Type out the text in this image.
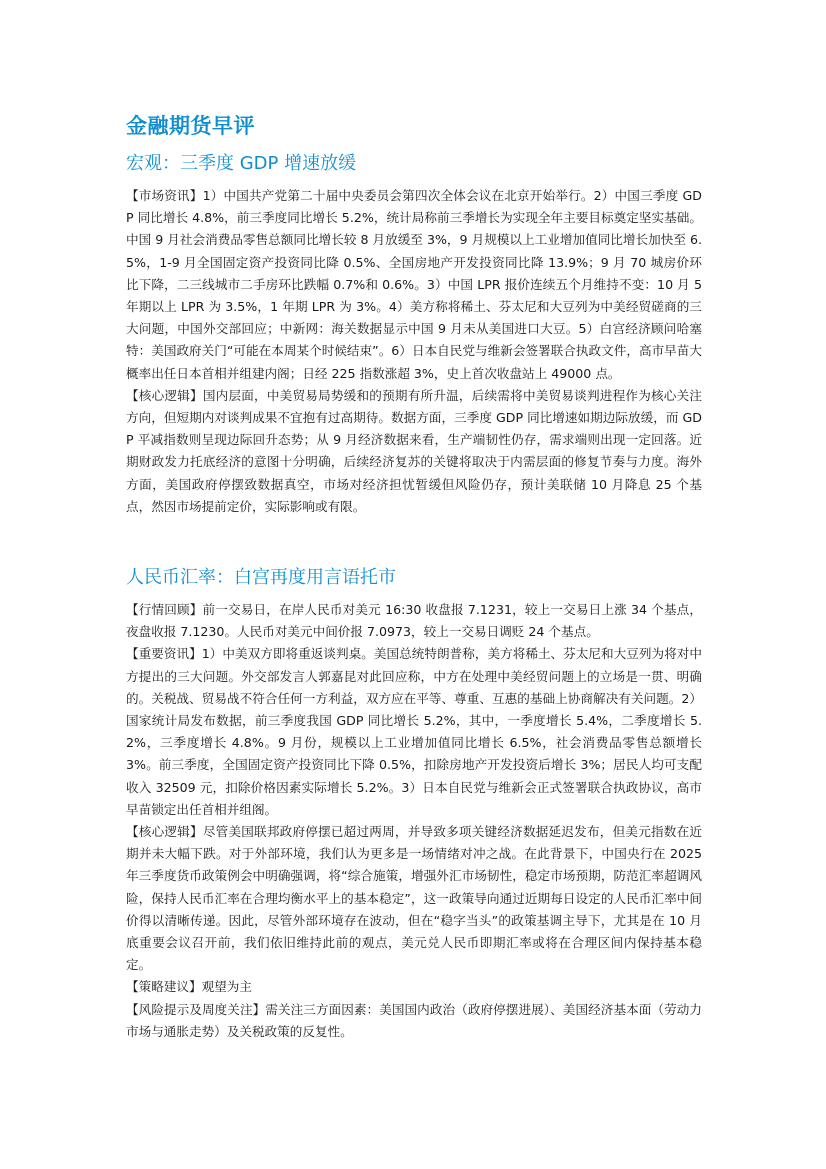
金融期货早评
宏观：三季度 GDP 增速放缓

【市场资讯】1）中国共产党第二十届中央委员会第四次全体会议在北京开始举行。2）中国三季度 GDP 同比增长 4.8%，前三季度同比增长 5.2%，统计局称前三季增长为实现全年主要目标奠定坚实基础。中国 9 月社会消费品零售总额同比增长较 8 月放缓至 3%，9 月规模以上工业增加值同比增长加快至 6.5%，1-9 月全国固定资产投资同比降 0.5%、全国房地产开发投资同比降 13.9%；9 月 70 城房价环比下降，二三线城市二手房环比跌幅 0.7%和 0.6%。3）中国 LPR 报价连续五个月维持不变：10 月 5 年期以上 LPR 为 3.5%，1 年期 LPR 为 3%。4）美方称将稀土、芬太尼和大豆列为中美经贸磋商的三大问题，中国外交部回应；中新网：海关数据显示中国 9 月未从美国进口大豆。5）白宫经济顾问哈塞特：美国政府关门“可能在本周某个时候结束”。6）日本自民党与维新会签署联合执政文件，高市早苗大概率出任日本首相并组建内阁；日经 225 指数涨超 3%，史上首次收盘站上 49000 点。

【核心逻辑】国内层面，中美贸易局势缓和的预期有所升温，后续需将中美贸易谈判进程作为核心关注方向，但短期内对谈判成果不宜抱有过高期待。数据方面，三季度 GDP 同比增速如期边际放缓，而 GDP 平减指数则呈现边际回升态势；从 9 月经济数据来看，生产端韧性仍存，需求端则出现一定回落。近期财政发力托底经济的意图十分明确，后续经济复苏的关键将取决于内需层面的修复节奏与力度。海外方面，美国政府停摆致数据真空，市场对经济担忧暂缓但风险仍存，预计美联储 10 月降息 25 个基点，然因市场提前定价，实际影响或有限。

人民币汇率：白宫再度用言语托市

【行情回顾】前一交易日，在岸人民币对美元 16:30 收盘报 7.1231，较上一交易日上涨 34 个基点，夜盘收报 7.1230。人民币对美元中间价报 7.0973，较上一交易日调贬 24 个基点。

【重要资讯】1）中美双方即将重返谈判桌。美国总统特朗普称，美方将稀土、芬太尼和大豆列为将对中方提出的三大问题。外交部发言人郭嘉昆对此回应称，中方在处理中美经贸问题上的立场是一贯、明确的。关税战、贸易战不符合任何一方利益，双方应在平等、尊重、互惠的基础上协商解决有关问题。2）国家统计局发布数据，前三季度我国 GDP 同比增长 5.2%，其中，一季度增长 5.4%，二季度增长 5.2%，三季度增长 4.8%。9 月份，规模以上工业增加值同比增长 6.5%，社会消费品零售总额增长 3%。前三季度，全国固定资产投资同比下降 0.5%，扣除房地产开发投资后增长 3%；居民人均可支配收入 32509 元，扣除价格因素实际增长 5.2%。3）日本自民党与维新会正式签署联合执政协议，高市早苗锁定出任首相并组阁。

【核心逻辑】尽管美国联邦政府停摆已超过两周，并导致多项关键经济数据延迟发布，但美元指数在近期并未大幅下跌。对于外部环境，我们认为更多是一场情绪对冲之战。在此背景下，中国央行在 2025 年三季度货币政策例会中明确强调，将“综合施策，增强外汇市场韧性，稳定市场预期，防范汇率超调风险，保持人民币汇率在合理均衡水平上的基本稳定”，这一政策导向通过近期每日设定的人民币汇率中间价得以清晰传递。因此，尽管外部环境存在波动，但在“稳字当头”的政策基调主导下，尤其是在 10 月底重要会议召开前，我们依旧维持此前的观点，美元兑人民币即期汇率或将在合理区间内保持基本稳定。

【策略建议】观望为主

【风险提示及周度关注】需关注三方面因素：美国国内政治（政府停摆进展）、美国经济基本面（劳动力市场与通胀走势）及关税政策的反复性。
